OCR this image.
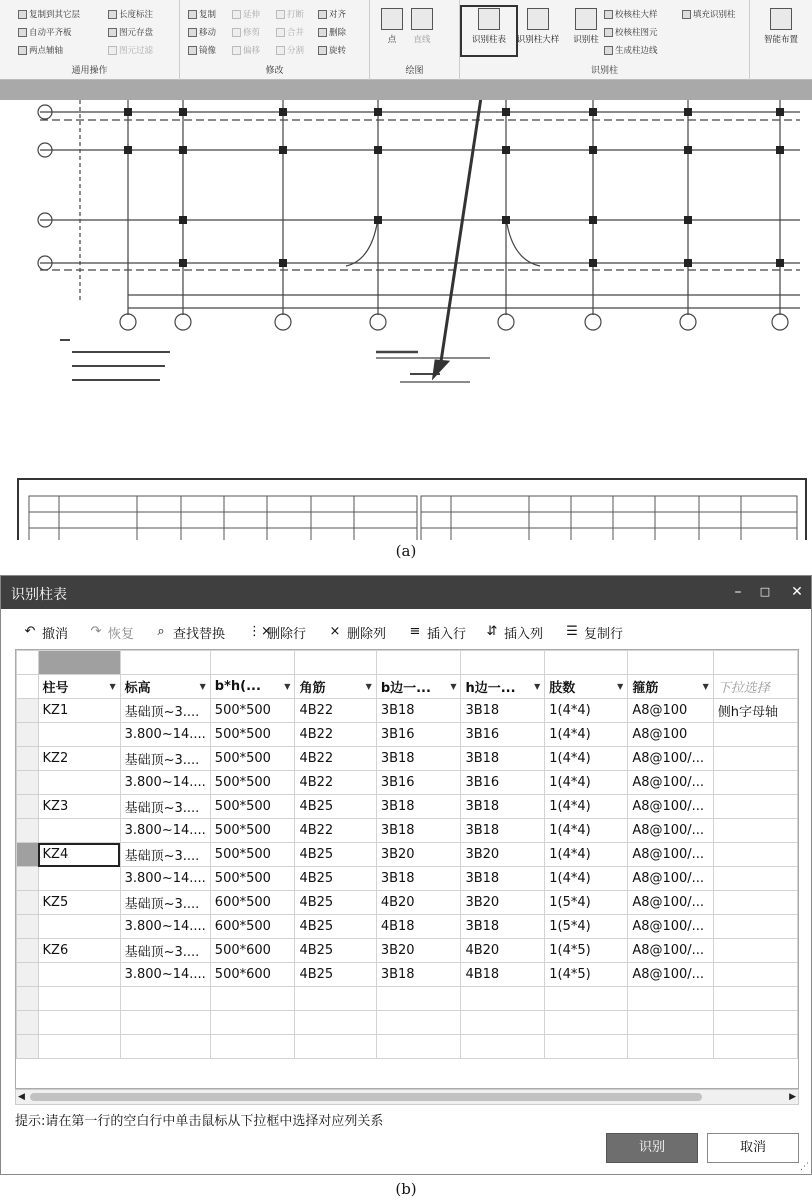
复制到其它层	长度标注
自动平齐板	图元存盘
两点辅轴	图元过滤
通用操作
复制	延伸	打断	对齐
移动	修剪	合并	删除
镜像	偏移	分割	旋转
修改
点	直线
绘图
识别柱表	识别柱大样	识别柱
校核柱大样
校核柱图元
生成柱边线
填充识别柱
识别柱
智能布置
(a)
识别柱表	–	□	✕
↶ 撤消 ↷ 恢复 ⌕ 查找替换 ⋮×
删除行 × 删除列 ≡ 插入行 ⇵ 插入列 ☰ 复制行

	柱号 ▼	标高 ▼	b*h(... ▼	角筋 ▼	b边一... ▼	h边一... ▼	肢数 ▼	箍筋 ▼	下拉选择

	KZ1	基础顶~3....	500*500	4B22	3B18	3B18	1(4*4)	A8@100	侧h字母轴
		3.800~14....	500*500	4B22	3B16	3B16	1(4*4)	A8@100	
	KZ2	基础顶~3....	500*500	4B22	3B18	3B18	1(4*4)	A8@100/...	
		3.800~14....	500*500	4B22	3B16	3B16	1(4*4)	A8@100/...	
	KZ3	基础顶~3....	500*500	4B25	3B18	3B18	1(4*4)	A8@100/...	
		3.800~14....	500*500	4B22	3B18	3B18	1(4*4)	A8@100/...	
	KZ4	基础顶~3....	500*500	4B25	3B20	3B20	1(4*4)	A8@100/...	
		3.800~14....	500*500	4B25	3B18	3B18	1(4*4)	A8@100/...	
	KZ5	基础顶~3....	600*500	4B25	4B20	3B20	1(5*4)	A8@100/...	
		3.800~14....	600*500	4B25	4B18	3B18	1(5*4)	A8@100/...	
	KZ6	基础顶~3....	500*600	4B25	3B20	4B20	1(4*5)	A8@100/...	
		3.800~14....	500*600	4B25	3B18	4B18	1(4*5)	A8@100/...	

◀	▶
提示:请在第一行的空白行中单击鼠标从下拉框中选择对应列关系
识别	取消
⋰
(b)
